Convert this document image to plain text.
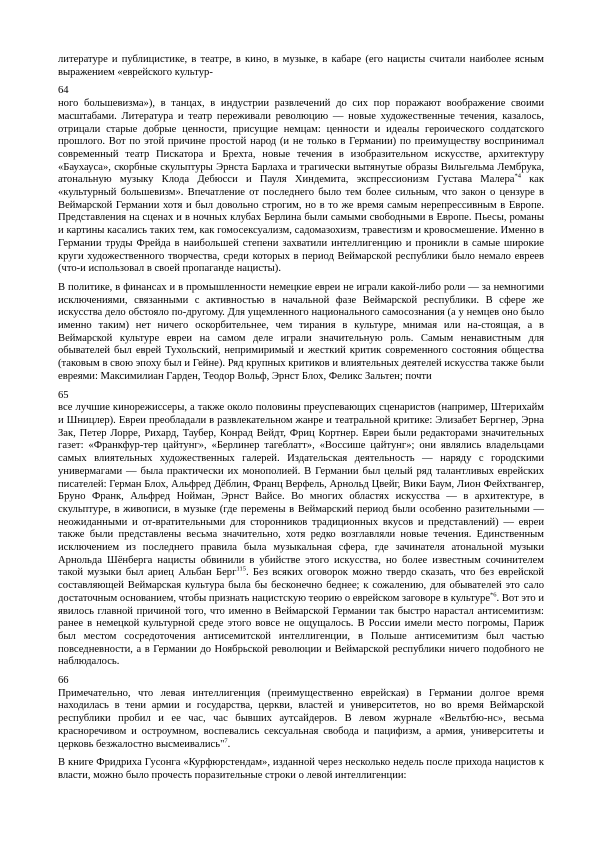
литературе и публицистике, в театре, в кино, в музыке, в кабаре (его нацисты считали наиболее ясным выражением «еврейского культур-

64

ного большевизма»), в танцах, в индустрии развлечений до сих пор поражают воображение своими масштабами. Литература и театр переживали революцию — новые художественные течения, казалось, отрицали старые добрые ценности, присущие немцам: ценности и идеалы героического солдатского прошлого. Вот по этой причине простой народ (и не только в Германии) по преимуществу воспринимал современный театр Пискатора и Брехта, новые течения в изобразительном искусстве, архитектуру «Баухауса», скорбные скульптуры Эрнста Барлаха и трагически вытянутые образы Вильгельма Лембрука, атональную музыку Клода Дебюсси и Пауля Хиндемита, экспрессионизм Густава Малера$^{*4}$ как «культурный большевизм». Впечатление от последнего было тем более сильным, что закон о цензуре в Веймарской Германии хотя и был довольно строгим, но в то же время самым нерепрессивным в Европе. Представления на сценах и в ночных клубах Берлина были самыми свободными в Европе. Пьесы, романы и картины касались таких тем, как гомосексуализм, садомазохизм, травестизм и кровосмешение. Именно в Германии труды Фрейда в наибольшей степени захватили интеллигенцию и проникли в самые широкие круги художественного творчества, среди которых в период Веймарской республики было немало евреев (что-и использовал в своей пропаганде нацисты).

В политике, в финансах и в промышленности немецкие евреи не играли какой-либо роли — за немногими исключениями, связанными с активностью в начальной фазе Веймарской республики. В сфере же искусства дело обстояло по-другому. Для ущемленного национального самосознания (а у немцев оно было именно таким) нет ничего оскорбительнее, чем тирания в культуре, мнимая или на-стоящая, а в Веймарской культуре евреи на самом деле играли значительную роль. Самым ненавистным для обывателей был еврей Тухольский, непримиримый и жесткий критик современного состояния общества (таковым в свою эпоху был и Гейне). Ряд крупных критиков и влиятельных деятелей искусства также были евреями: Максимилиан Гарден, Теодор Вольф, Эрнст Блох, Феликс Зальтен; почти

65

все лучшие кинорежиссеры, а также около половины преуспевающих сценаристов (например, Штерихайм и Шницлер). Евреи преобладали в развлекательном жанре и театральной критике: Элизабет Бергнер, Эрна Зак, Петер Лорре, Рихард, Таубер, Конрад Вейдт, Фриц Кортнер. Евреи были редакторами значительных газет: «Франкфур-тер цайтунг», «Берлинер тагеблатт», «Воссише цайтунг»; они являлись владельцами самых влиятельных художественных галерей. Издательская деятельность — наряду с городскими универмагами — была практически их монополией. В Германии был целый ряд талантливых еврейских писателей: Герман Блох, Альфред Дёблин, Франц Верфель, Арнольд Цвейг, Вики Баум, Лион Фейхтвангер, Бруно Франк, Альфред Нойман, Эрнст Вайсе. Во многих областях искусства — в архитектуре, в скульптуре, в живописи, в музыке (где перемены в Веймарский период были особенно разительными — неожиданными и от-вратительными для сторонников традиционных вкусов и представлений) — евреи также были представлены весьма значительно, хотя редко возглавляли новые течения. Единственным исключением из последнего правила была музыкальная сфера, где зачинателя атональной музыки Арнольда Шёнберга нацисты обвинили в убийстве этого искусства, но более известным сочинителем такой музыки был ариец Альбан Берг$^{115}$. Без всяких оговорок можно твердо сказать, что без еврейской составляющей Веймарская культура была бы бесконечно беднее; к сожалению, для обывателей это сало достаточным основанием, чтобы признать нацистскую теорию о еврейском заговоре в культуре$^{*6}$. Вот это и явилось главной причиной того, что именно в Веймарской Германии так быстро нарастал антисемитизм: ранее в немецкой культурной среде этого вовсе не ощущалось. В России имели место погромы, Париж был местом сосредоточения антисемитской интеллигенции, в Польше антисемитизм был частью повседневности, а в Германии до Ноябрьской революции и Веймарской республики ничего подобного не наблюдалось.

66

Примечательно, что левая интеллигенция (преимущественно еврейская) в Германии долгое время находилась в тени армии и государства, церкви, властей и университетов, но во время Веймарской республики пробил и ее час, час бывших аутсайдеров. В левом журнале «Вельтбю-нс», весьма красноречивом и остроумном, воспевались сексуальная свобода и пацифизм, а армия, университеты и церковь безжалостно высмеивались"$^7$.

В книге Фридриха Гусонга «Курфюрстендам», изданной через несколько недель после прихода нацистов к власти, можно было прочесть поразительные строки о левой интеллигенции:
